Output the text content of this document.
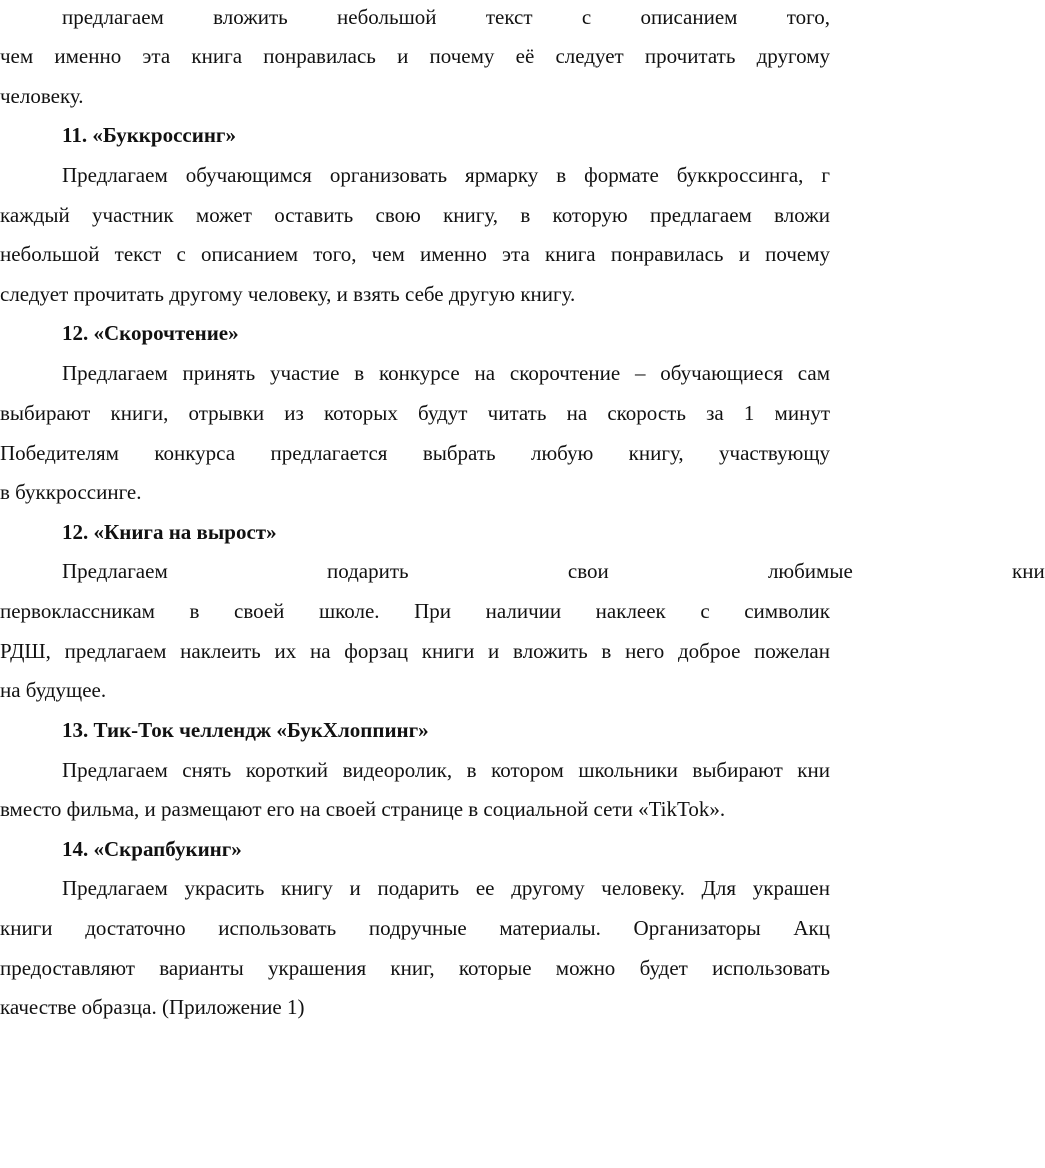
предлагаем вложить небольшой текст с описанием того,
чем именно эта книга понравилась и почему её следует прочитать другому
человеку.
11. «Буккроссинг»
Предлагаем обучающимся организовать ярмарку в формате буккроссинга, г
каждый участник может оставить свою книгу, в которую предлагаем вложи
небольшой текст с описанием того, чем именно эта книга понравилась и почему
следует прочитать другому человеку, и взять себе другую книгу.
12. «Скорочтение»
Предлагаем принять участие в конкурсе на скорочтение – обучающиеся сам
выбирают книги, отрывки из которых будут читать на скорость за 1 минут
Победителям конкурса предлагается выбрать любую книгу, участвующу
в буккроссинге.
12. «Книга на вырост»
Предлагаем подарить свои любимые кни
первоклассникам в своей школе. При наличии наклеек с символик
РДШ, предлагаем наклеить их на форзац книги и вложить в него доброе пожелан
на будущее.
13. Тик-Ток челлендж «БукХлоппинг»
Предлагаем снять короткий видеоролик, в котором школьники выбирают кни
вместо фильма, и размещают его на своей странице в социальной сети «TikTok».
14. «Скрапбукинг»
Предлагаем украсить книгу и подарить ее другому человеку. Для украшен
книги достаточно использовать подручные материалы. Организаторы Акц
предоставляют варианты украшения книг, которые можно будет использовать
качестве образца. (Приложение 1)
